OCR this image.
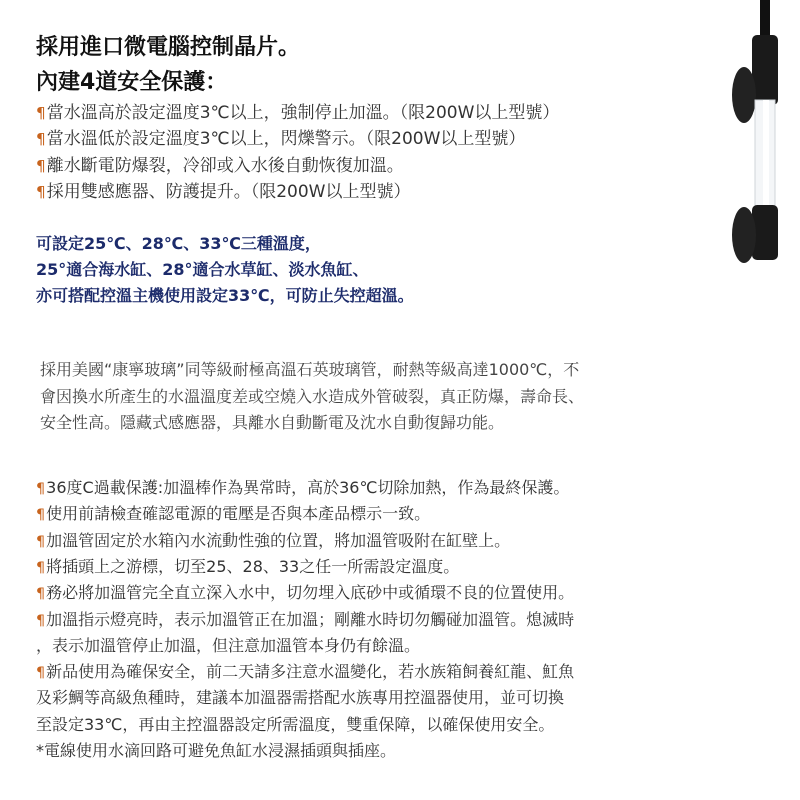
採用進口微電腦控制晶片。
內建4道安全保護：
¶當水溫高於設定溫度3℃以上，強制停止加溫。（限200W以上型號）
¶當水溫低於設定溫度3℃以上，閃爍警示。（限200W以上型號）
¶離水斷電防爆裂，冷卻或入水後自動恢復加溫。
¶採用雙感應器、防護提升。（限200W以上型號）
可設定25℃、28℃、33℃三種溫度，
25°適合海水缸、28°適合水草缸、淡水魚缸、
亦可搭配控溫主機使用設定33℃，可防止失控超溫。
採用美國“康寧玻璃”同等級耐極高溫石英玻璃管，耐熱等級高達1000℃，不
會因換水所產生的水溫溫度差或空燒入水造成外管破裂，真正防爆，壽命長、
安全性高。隱藏式感應器，具離水自動斷電及沈水自動復歸功能。
¶36度C過載保護:加溫棒作為異常時，高於36℃切除加熱，作為最終保護。
¶使用前請檢查確認電源的電壓是否與本產品標示一致。
¶加溫管固定於水箱內水流動性強的位置，將加溫管吸附在缸壁上。
¶將插頭上之游標，切至25、28、33之任一所需設定溫度。
¶務必將加溫管完全直立深入水中，切勿埋入底砂中或循環不良的位置使用。
¶加溫指示燈亮時，表示加溫管正在加溫；剛離水時切勿觸碰加溫管。熄滅時
，表示加溫管停止加溫，但注意加溫管本身仍有餘溫。
¶新品使用為確保安全，前二天請多注意水溫變化，若水族箱飼養紅龍、魟魚
及彩鯛等高級魚種時，建議本加溫器需搭配水族專用控溫器使用，並可切換
至設定33℃，再由主控溫器設定所需溫度，雙重保障，以確保使用安全。
*電線使用水滴回路可避免魚缸水浸濕插頭與插座。
